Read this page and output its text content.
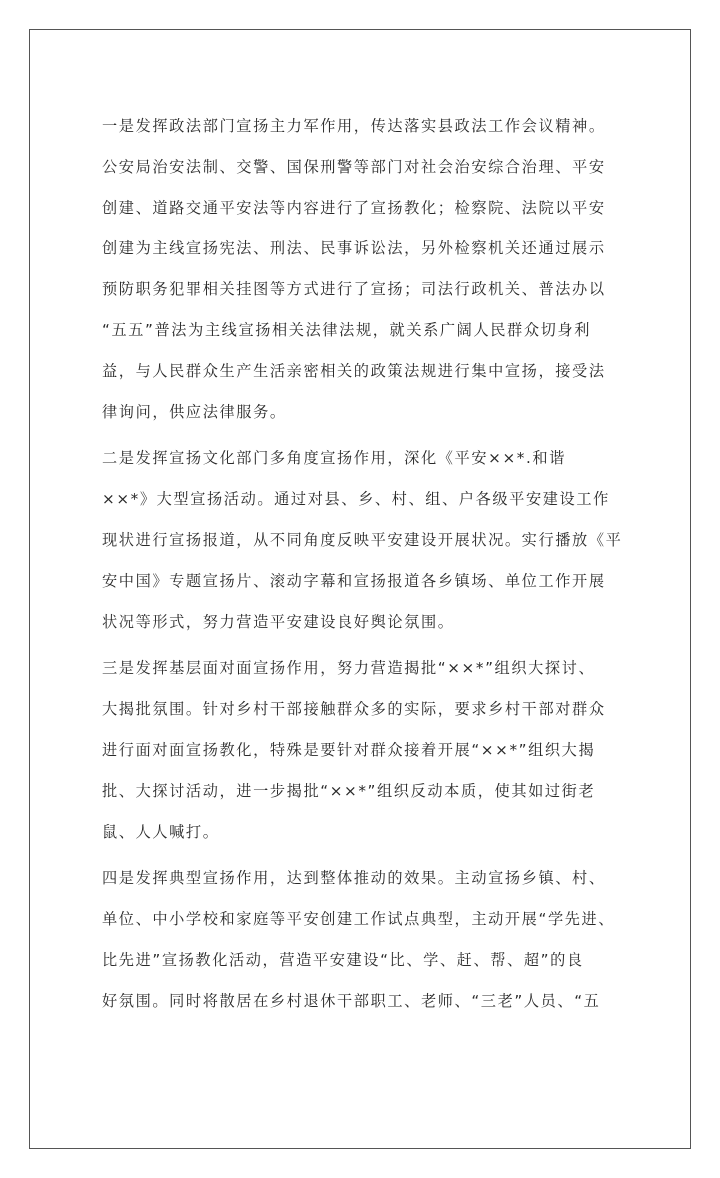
一是发挥政法部门宣扬主力军作用，传达落实县政法工作会议精神。
公安局治安法制、交警、国保刑警等部门对社会治安综合治理、平安
创建、道路交通平安法等内容进行了宣扬教化；检察院、法院以平安
创建为主线宣扬宪法、刑法、民事诉讼法，另外检察机关还通过展示
预防职务犯罪相关挂图等方式进行了宣扬；司法行政机关、普法办以
“五五”普法为主线宣扬相关法律法规，就关系广阔人民群众切身利
益，与人民群众生产生活亲密相关的政策法规进行集中宣扬，接受法
律询问，供应法律服务。
二是发挥宣扬文化部门多角度宣扬作用，深化《平安××*.和谐
××*》大型宣扬活动。通过对县、乡、村、组、户各级平安建设工作
现状进行宣扬报道，从不同角度反映平安建设开展状况。实行播放《平
安中国》专题宣扬片、滚动字幕和宣扬报道各乡镇场、单位工作开展
状况等形式，努力营造平安建设良好舆论氛围。
三是发挥基层面对面宣扬作用，努力营造揭批“××*”组织大探讨、
大揭批氛围。针对乡村干部接触群众多的实际，要求乡村干部对群众
进行面对面宣扬教化，特殊是要针对群众接着开展“××*”组织大揭
批、大探讨活动，进一步揭批“××*”组织反动本质，使其如过街老
鼠、人人喊打。
四是发挥典型宣扬作用，达到整体推动的效果。主动宣扬乡镇、村、
单位、中小学校和家庭等平安创建工作试点典型，主动开展“学先进、
比先进”宣扬教化活动，营造平安建设“比、学、赶、帮、超”的良
好氛围。同时将散居在乡村退休干部职工、老师、“三老”人员、“五
